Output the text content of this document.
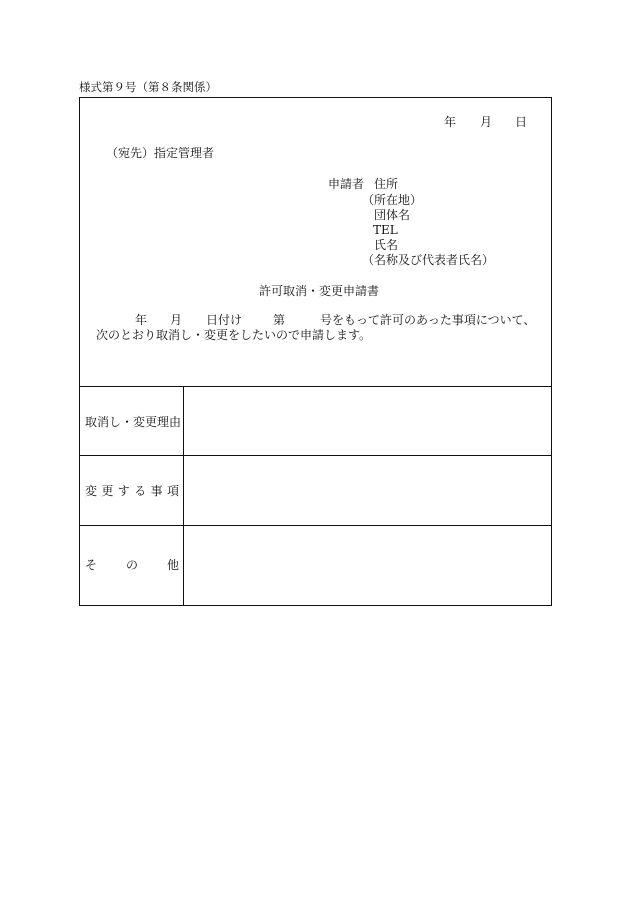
様式第９号（第８条関係）
年 月 日
（宛先）指定管理者
申請者 住所
（所在地）
団体名
TEL
氏名
（名称及び代表者氏名）
許可取消・変更申請書
年 月 日付け	第	号をもって許可のあった事項について、
次のとおり取消し・変更をしたいので申請します。
取消し・変更理由
変 更 す る 事 項
そ の 他
